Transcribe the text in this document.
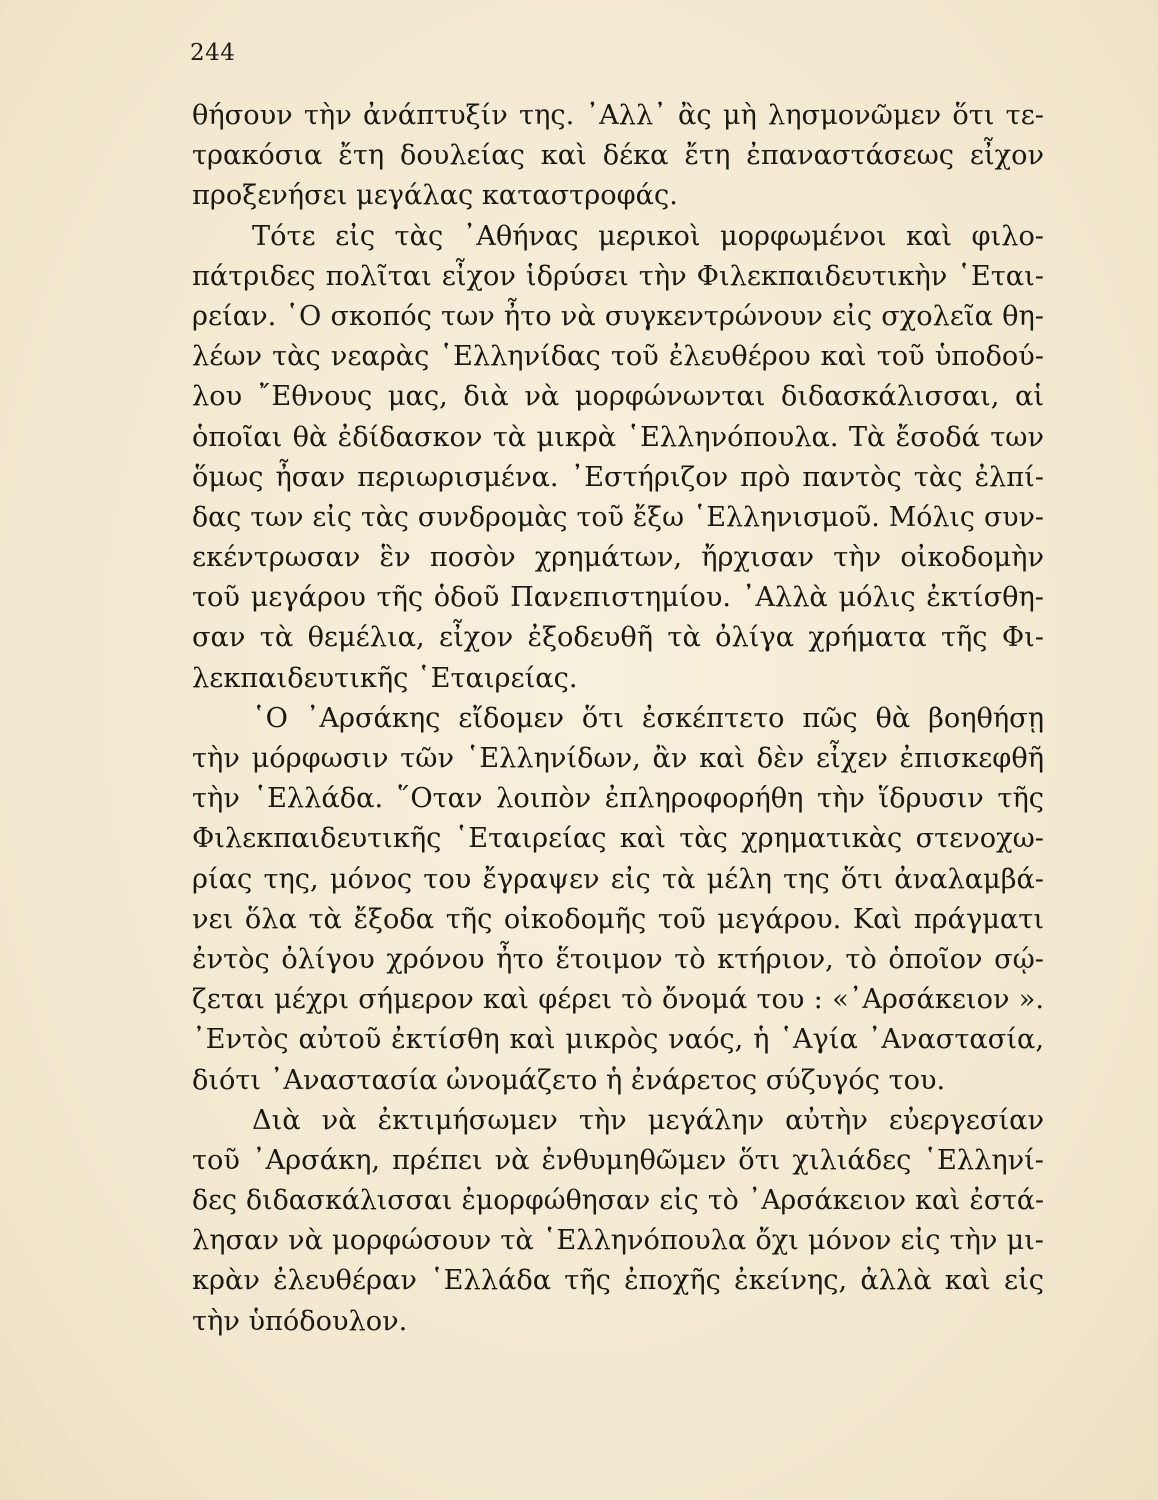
244
θήσουν τὴν ἀνάπτυξίν της. ᾿Αλλ᾿ ἂς μὴ λησμονῶμεν ὅτι τε-
τρακόσια ἔτη δουλείας καὶ δέκα ἔτη ἐπαναστάσεως εἶχον
προξενήσει μεγάλας καταστροφάς.
Τότε εἰς τὰς ᾿Αθήνας μερικοὶ μορφωμένοι καὶ φιλο-
πάτριδες πολῖται εἶχον ἱδρύσει τὴν Φιλεκπαιδευτικὴν ῾Εται-
ρείαν. ῾Ο σκοπός των ἦτο νὰ συγκεντρώνουν εἰς σχολεῖα θη-
λέων τὰς νεαρὰς ῾Ελληνίδας τοῦ ἐλευθέρου καὶ τοῦ ὑποδού-
λου ῎Εθνους μας, διὰ νὰ μορφώνωνται διδασκάλισσαι, αἱ
ὁποῖαι θὰ ἐδίδασκον τὰ μικρὰ ῾Ελληνόπουλα. Τὰ ἔσοδά των
ὅμως ἦσαν περιωρισμένα. ᾿Εστήριζον πρὸ παντὸς τὰς ἐλπί-
δας των εἰς τὰς συνδρομὰς τοῦ ἔξω ῾Ελληνισμοῦ. Μόλις συν-
εκέντρωσαν ἓν ποσὸν χρημάτων, ἤρχισαν τὴν οἰκοδομὴν
τοῦ μεγάρου τῆς ὁδοῦ Πανεπιστημίου. ᾿Αλλὰ μόλις ἐκτίσθη-
σαν τὰ θεμέλια, εἶχον ἐξοδευθῆ τὰ ὀλίγα χρήματα τῆς Φι-
λεκπαιδευτικῆς ῾Εταιρείας.
῾Ο ᾿Αρσάκης εἴδομεν ὅτι ἐσκέπτετο πῶς θὰ βοηθήσῃ
τὴν μόρφωσιν τῶν ῾Ελληνίδων, ἂν καὶ δὲν εἶχεν ἐπισκεφθῆ
τὴν ῾Ελλάδα. ῞Οταν λοιπὸν ἐπληροφορήθη τὴν ἵδρυσιν τῆς
Φιλεκπαιδευτικῆς ῾Εταιρείας καὶ τὰς χρηματικὰς στενοχω-
ρίας της, μόνος του ἔγραψεν εἰς τὰ μέλη της ὅτι ἀναλαμβά-
νει ὅλα τὰ ἔξοδα τῆς οἰκοδομῆς τοῦ μεγάρου. Καὶ πράγματι
ἐντὸς ὀλίγου χρόνου ἦτο ἕτοιμον τὸ κτήριον, τὸ ὁποῖον σῴ-
ζεται μέχρι σήμερον καὶ φέρει τὸ ὄνομά του : «᾿Αρσάκειον ».
᾿Εντὸς αὐτοῦ ἐκτίσθη καὶ μικρὸς ναός, ἡ ῾Αγία ᾿Αναστασία,
διότι ᾿Αναστασία ὠνομάζετο ἡ ἐνάρετος σύζυγός του.
Διὰ νὰ ἐκτιμήσωμεν τὴν μεγάλην αὐτὴν εὐεργεσίαν
τοῦ ᾿Αρσάκη, πρέπει νὰ ἐνθυμηθῶμεν ὅτι χιλιάδες ῾Ελληνί-
δες διδασκάλισσαι ἐμορφώθησαν εἰς τὸ ᾿Αρσάκειον καὶ ἐστά-
λησαν νὰ μορφώσουν τὰ ῾Ελληνόπουλα ὄχι μόνον εἰς τὴν μι-
κρὰν ἐλευθέραν ῾Ελλάδα τῆς ἐποχῆς ἐκείνης, ἀλλὰ καὶ εἰς
τὴν ὑπόδουλον.
